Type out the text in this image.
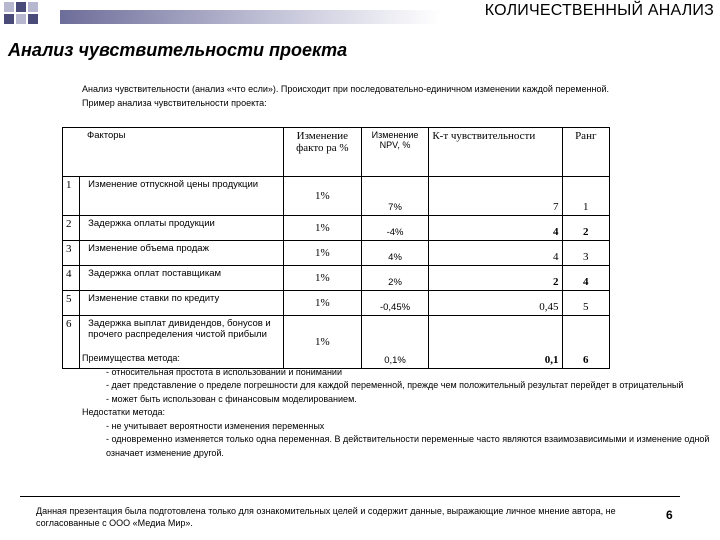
КОЛИЧЕСТВЕННЫЙ АНАЛИЗ
Анализ чувствительности проекта
Анализ чувствительности (анализ «что если»). Происходит при последовательно-единичном изменении каждой переменной.
Пример анализа чувствительности проекта:
Факторы		Изменение факто ра %	Изменение NPV, %	К-т чувствительности	Ранг
1	Изменение отпускной цены продукции	1%	7%	7	1
2	Задержка оплаты продукции	1%	-4%	4	2
3	Изменение объема продаж	1%	4%	4	3
4	Задержка оплат поставщикам	1%	2%	2	4
5	Изменение ставки по кредиту	1%	-0,45%	0,45	5
6	Задержка выплат дивидендов, бонусов и прочего распределения чистой прибыли	1%	0,1%	0,1	6
Преимущества метода:
- относительная простота в использовании и понимании
- дает представление о пределе погрешности для каждой переменной, прежде чем положительный результат перейдет в отрицательный
- может быть использован с финансовым моделированием.
Недостатки метода:
- не учитывает вероятности изменения переменных
- одновременно изменяется только одна переменная. В действительности переменные часто являются взаимозависимыми и изменение одной означает изменение другой.
Данная презентация была подготовлена только для ознакомительных целей и содержит данные, выражающие личное мнение автора, не согласованные с ООО «Медиа Мир».
6
